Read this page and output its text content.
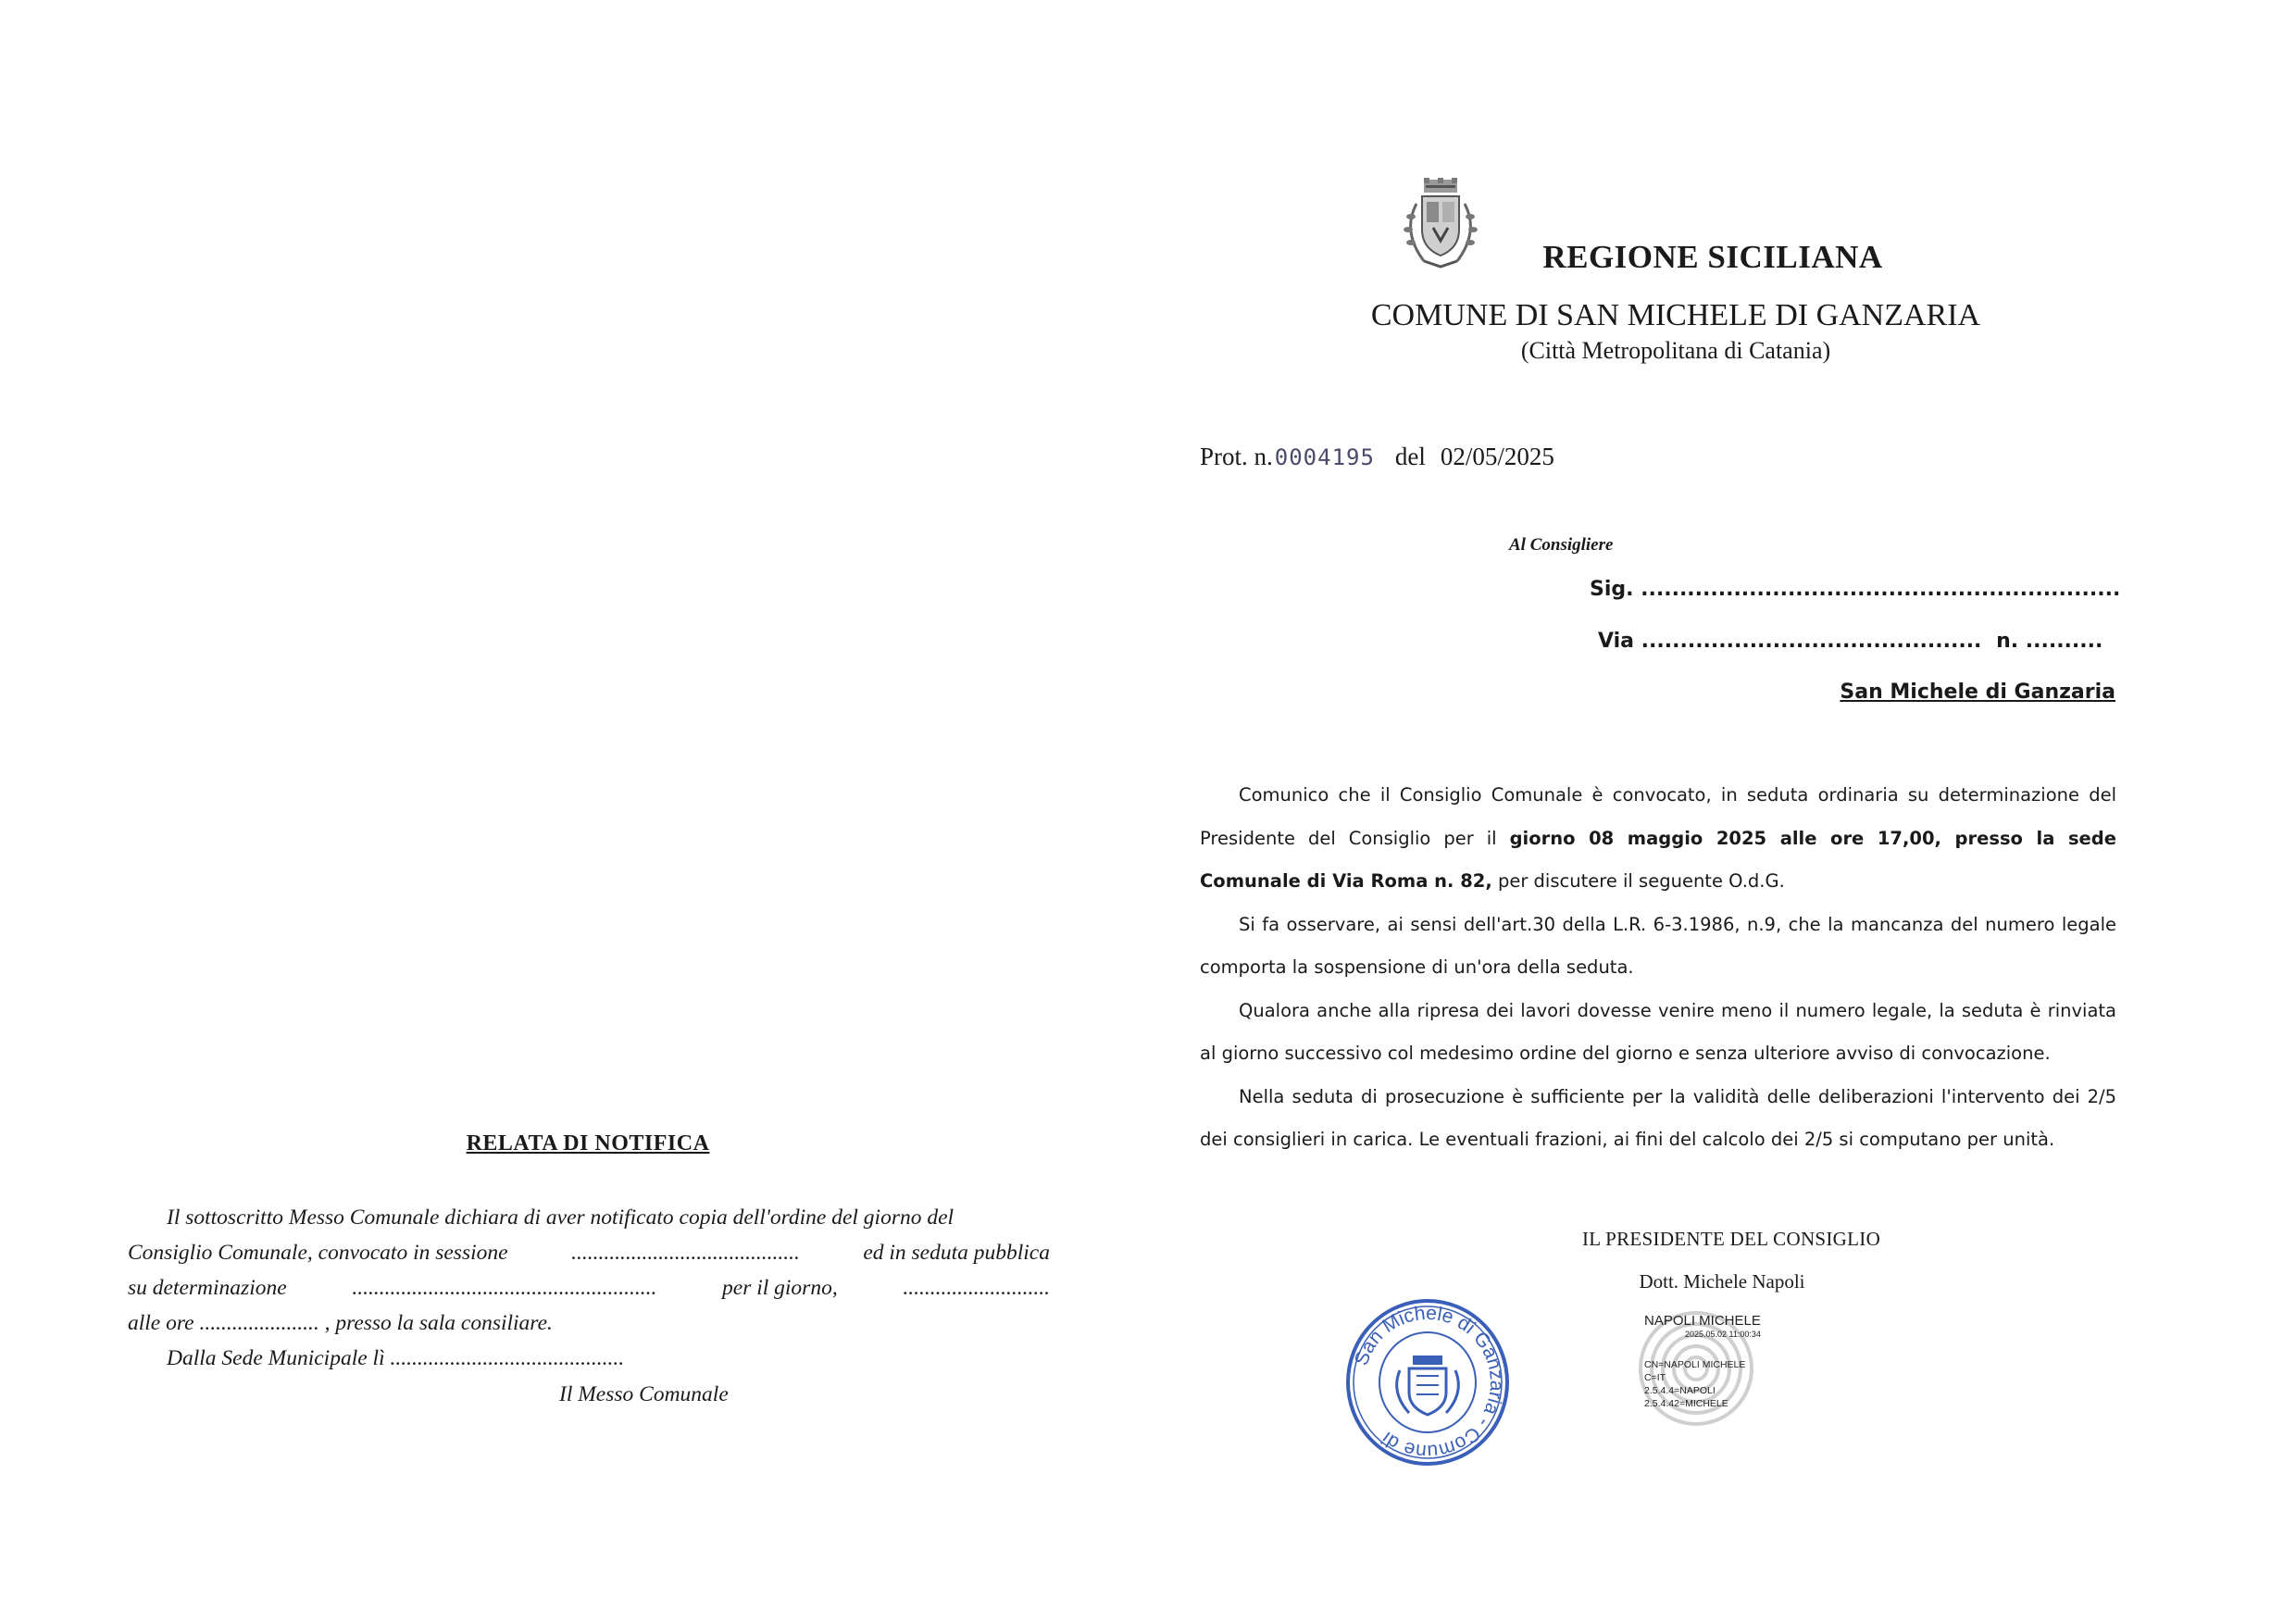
REGIONE SICILIANA
COMUNE DI SAN MICHELE DI GANZARIA
(Città Metropolitana di Catania)
Prot. n.0004195 del 02/05/2025
Al Consigliere
Sig. ..............................................................
Via ............................................ n. ..........
San Michele di Ganzaria

Comunico che il Consiglio Comunale è convocato, in seduta ordinaria su determinazione del Presidente del Consiglio per il giorno 08 maggio 2025 alle ore 17,00, presso la sede Comunale di Via Roma n. 82, per discutere il seguente O.d.G.

Si fa osservare, ai sensi dell'art.30 della L.R. 6-3.1986, n.9, che la mancanza del numero legale comporta la sospensione di un'ora della seduta.

Qualora anche alla ripresa dei lavori dovesse venire meno il numero legale, la seduta è rinviata al giorno successivo col medesimo ordine del giorno e senza ulteriore avviso di convocazione.

Nella seduta di prosecuzione è sufficiente per la validità delle deliberazioni l'intervento dei 2/5 dei consiglieri in carica. Le eventuali frazioni, ai fini del calcolo dei 2/5 si computano per unità.

IL PRESIDENTE DEL CONSIGLIO
Dott. Michele Napoli
San Michele di Ganzaria - Comune di
NAPOLI MICHELE
2025.05.02 11:00:34
CN=NAPOLI MICHELE
C=IT
2.5.4.4=NAPOLI
2.5.4.42=MICHELE
RELATA DI NOTIFICA
Il sottoscritto Messo Comunale dichiara di aver notificato copia dell'ordine del giorno del
Consiglio Comunale, convocato in sessione	..........................................	ed in seduta pubblica
su determinazione	........................................................	per il giorno,	...........................
alle ore ...................... , presso la sala consiliare.
Dalla Sede Municipale lì ...........................................
Il Messo Comunale
